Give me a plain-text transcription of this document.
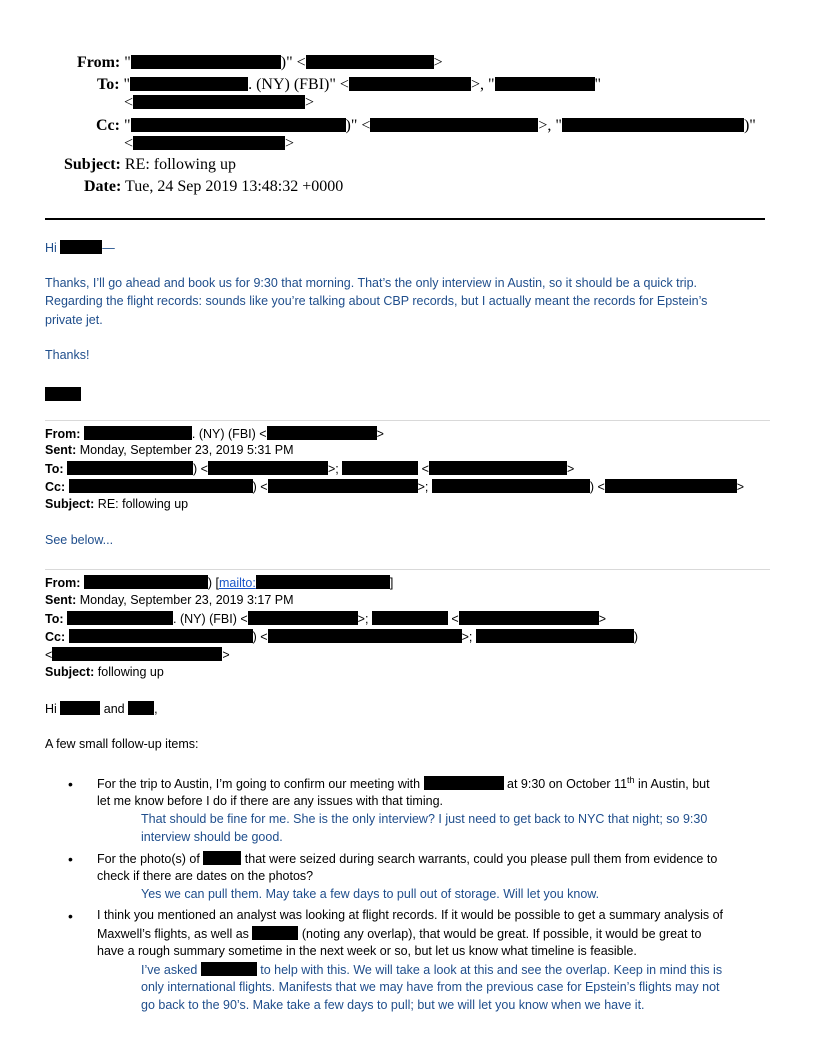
From: "	)" <	>
To: "	. (NY) (FBI)" <	>, "	"
<	>
Cc: "	)" <	>, "	)"
<	>
Subject: RE: following up
Date: Tue, 24 Sep 2019 13:48:32 +0000
Hi	—
Thanks, I’ll go ahead and book us for 9:30 that morning. That’s the only interview in Austin, so it should be a quick trip.
Regarding the flight records: sounds like you’re talking about CBP records, but I actually meant the records for Epstein’s
private jet.
Thanks!
From:	. (NY) (FBI) <	>
Sent: Monday, September 23, 2019 5:31 PM
To:	) <	>;	<	>
Cc:	) <	>;	) <	>
Subject: RE: following up
See below...
From:	) [mailto:	]
Sent: Monday, September 23, 2019 3:17 PM
To:	. (NY) (FBI) <	>;	<	>
Cc:	) <	>;	)
<	>
Subject: following up
Hi	and ,
A few small follow-up items:
• For the trip to Austin, I’m going to confirm our meeting with	at 9:30 on October 11th in Austin, but
let me know before I do if there are any issues with that timing.
That should be fine for me. She is the only interview? I just need to get back to NYC that night; so 9:30
interview should be good.
• For the photo(s) of	that were seized during search warrants, could you please pull them from evidence to
check if there are dates on the photos?
Yes we can pull them. May take a few days to pull out of storage. Will let you know.
• I think you mentioned an analyst was looking at flight records. If it would be possible to get a summary analysis of
Maxwell’s flights, as well as	(noting any overlap), that would be great. If possible, it would be great to
have a rough summary sometime in the next week or so, but let us know what timeline is feasible.
I’ve asked	to help with this. We will take a look at this and see the overlap. Keep in mind this is
only international flights. Manifests that we may have from the previous case for Epstein’s flights may not
go back to the 90’s. Make take a few days to pull; but we will let you know when we have it.
